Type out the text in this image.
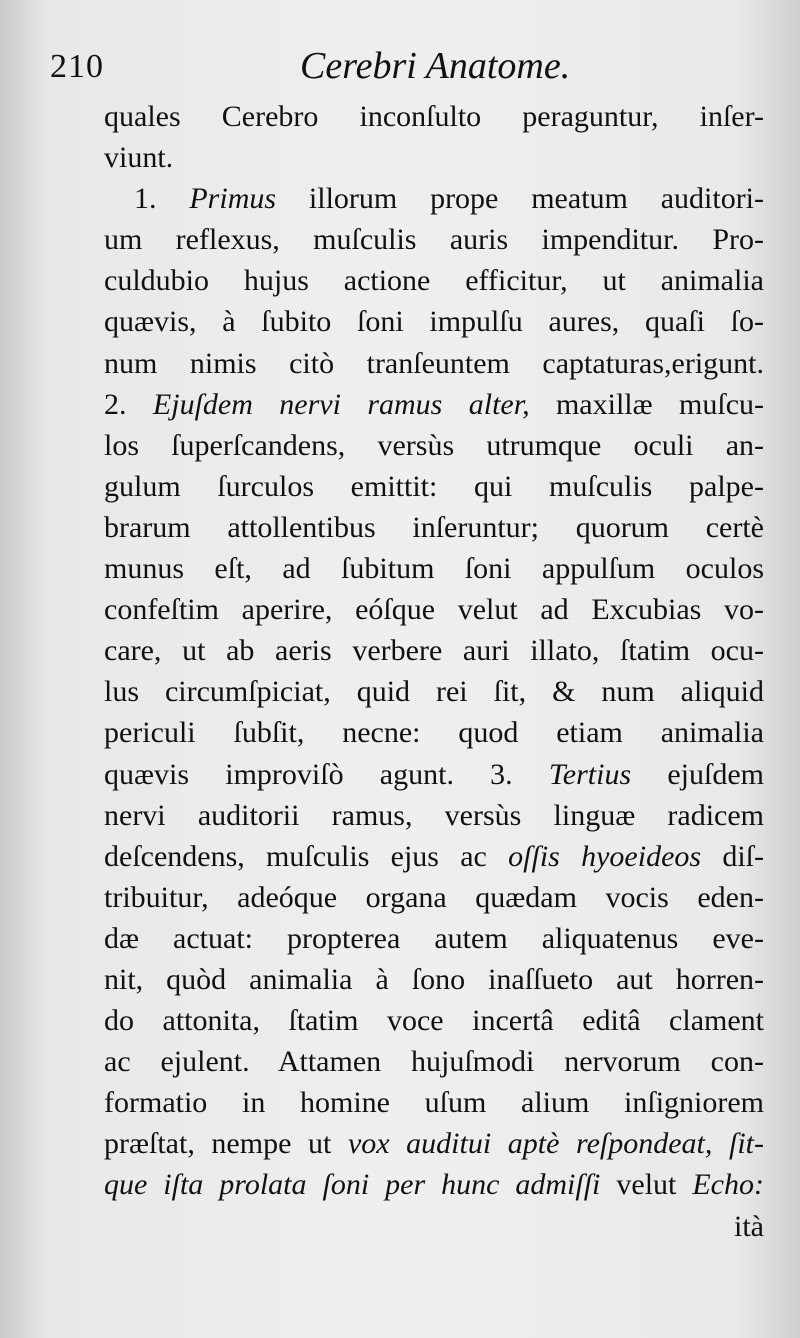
210	Cerebri Anatome.
quales Cerebro inconſulto peraguntur, inſer-
viunt.
1. Primus illorum prope meatum auditori-
um reflexus, muſculis auris impenditur. Pro-
culdubio hujus actione efficitur, ut animalia
quævis, à ſubito ſoni impulſu aures, quaſi ſo-
num nimis citò tranſeuntem captaturas,erigunt.
2. Ejuſdem nervi ramus alter, maxillæ muſcu-
los ſuperſcandens, versùs utrumque oculi an-
gulum ſurculos emittit: qui muſculis palpe-
brarum attollentibus inſeruntur; quorum certè
munus eſt, ad ſubitum ſoni appulſum oculos
confeſtim aperire, eóſque velut ad Excubias vo-
care, ut ab aeris verbere auri illato, ſtatim ocu-
lus circumſpiciat, quid rei ſit, & num aliquid
periculi ſubſit, necne: quod etiam animalia
quævis improviſò agunt. 3. Tertius ejuſdem
nervi auditorii ramus, versùs linguæ radicem
deſcendens, muſculis ejus ac oſſis hyoeideos diſ-
tribuitur, adeóque organa quædam vocis eden-
dæ actuat: propterea autem aliquatenus eve-
nit, quòd animalia à ſono inaſſueto aut horren-
do attonita, ſtatim voce incertâ editâ clament
ac ejulent. Attamen hujuſmodi nervorum con-
formatio in homine uſum alium inſigniorem
præſtat, nempe ut vox auditui aptè reſpondeat, ſit-
que iſta prolata ſoni per hunc admiſſi velut Echo:
ità
